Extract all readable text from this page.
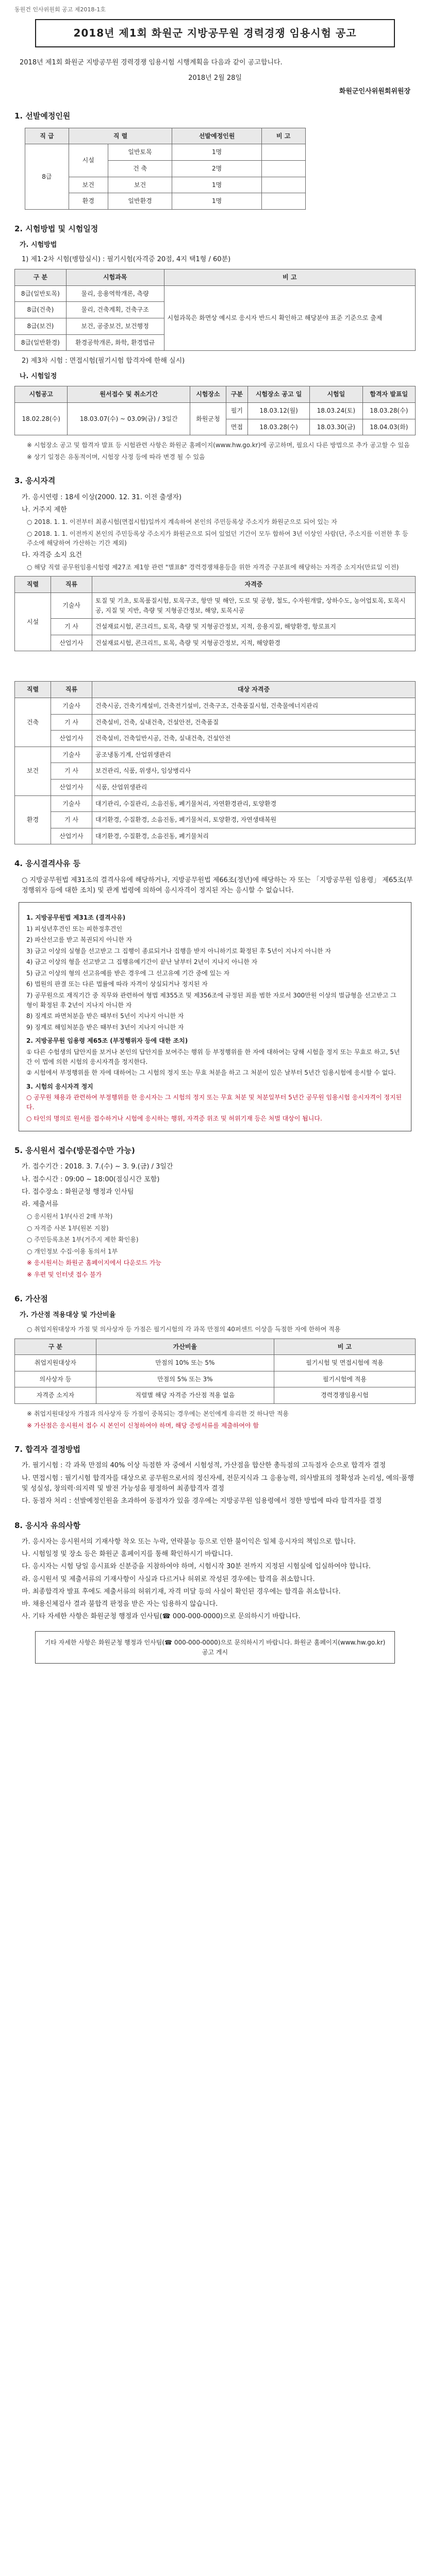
동원건 인사위원회 공고 제2018-1호
2018년 제1회 화원군 지방공무원 경력경쟁 임용시험 공고

2018년 제1회 화원군 지방공무원 경력경쟁 임용시험 시행계획을 다음과 같이 공고합니다.

2018년 2월 28일

화원군인사위원회위원장

1. 선발예정인원
직 급	직 렬		선발예정인원	비 고
8급	시설	일반토목	1명	
		건 축	2명	
	보건	보건	1명	
	환경	일반환경	1명	
2. 시험방법 및 시험일정
가. 시험방법

1) 제1·2차 시험(병합실시) : 필기시험(자격증 20점, 4지 택1형 / 60분)

구 분	시험과목	비 고
8급(일반토목)	물리, 응용역학개론, 측량	시험과목은 화면상 예시로 응시자 반드시 확인하고 해당분야 표준 기준으로 출제
8급(건축)	물리, 건축계획, 건축구조	
8급(보건)	보건, 공중보건, 보건행정	
8급(일반환경)	환경공학개론, 화학, 환경법규	

2) 제3차 시험 : 면접시험(필기시험 합격자에 한해 실시)

나. 시험일정
시험공고	원서접수 및 취소기간	시험장소	구분	시험장소 공고 일	시험일	합격자 발표일
18.02.28(수)	18.03.07(수) ~ 03.09(금) / 3일간	화원군청	필기	18.03.12(월)	18.03.24(토)	18.03.28(수)
			면접	18.03.28(수)	18.03.30(금)	18.04.03(화)

※ 시험장소 공고 및 합격자 발표 등 시험관련 사항은 화원군 홈페이지(www.hw.go.kr)에 공고하며, 필요시 다른 방법으로 추가 공고할 수 있음

※ 상기 일정은 유동적이며, 시험장 사정 등에 따라 변경 될 수 있음

3. 응시자격

가. 응시연령 : 18세 이상(2000. 12. 31. 이전 출생자)

나. 거주지 제한

○ 2018. 1. 1. 이전부터 최종시험(면접시험)일까지 계속하여 본인의 주민등록상 주소지가 화원군으로 되어 있는 자

○ 2018. 1. 1. 이전까지 본인의 주민등록상 주소지가 화원군으로 되어 있었던 기간이 모두 합하여 3년 이상인 사람(단, 주소지를 이전한 후 등 주소에 해당하여 가산하는 기간 제외)

다. 자격증 소지 요건

○ 해당 직렬 공무원임용시험령 제27조 제1항 관련 "별표8" 경력경쟁채용등을 위한 자격증 구분표에 해당하는 자격증 소지자(만료일 이전)

직렬	직류	자격증
시설	기술사	토질 및 기초, 토목품질시험, 토목구조, 항만 및 해안, 도로 및 공항, 철도, 수자원개발, 상하수도, 농어업토목, 토목시공, 지질 및 지반, 측량 및 지형공간정보, 해양, 토목시공
	기 사	건설재료시험, 콘크리트, 토목, 측량 및 지형공간정보, 지적, 응용지질, 해양환경, 항로표지
	산업기사	건설재료시험, 콘크리트, 토목, 측량 및 지형공간정보, 지적, 해양환경
직렬	직류	대상 자격증
건축	기술사	건축시공, 건축기계설비, 건축전기설비, 건축구조, 건축품질시험, 건축물에너지관리
	기 사	건축설비, 건축, 실내건축, 건설안전, 건축품질
	산업기사	건축설비, 건축일반시공, 건축, 실내건축, 건설안전
보건	기술사	공조냉동기계, 산업위생관리
	기 사	보건관리, 식품, 위생사, 임상병리사
	산업기사	식품, 산업위생관리
환경	기술사	대기관리, 수질관리, 소음진동, 폐기물처리, 자연환경관리, 토양환경
	기 사	대기환경, 수질환경, 소음진동, 폐기물처리, 토양환경, 자연생태복원
	산업기사	대기환경, 수질환경, 소음진동, 폐기물처리
4. 응시결격사유 등

○ 지방공무원법 제31조의 결격사유에 해당하거나, 지방공무원법 제66조(정년)에 해당하는 자 또는 「지방공무원 임용령」 제65조(부정행위자 등에 대한 조치) 및 관계 법령에 의하여 응시자격이 정지된 자는 응시할 수 없습니다.

1. 지방공무원법 제31조 (결격사유)

1) 피성년후견인 또는 피한정후견인

2) 파산선고를 받고 복권되지 아니한 자

3) 금고 이상의 실형을 선고받고 그 집행이 종료되거나 집행을 받지 아니하기로 확정된 후 5년이 지나지 아니한 자

4) 금고 이상의 형을 선고받고 그 집행유예기간이 끝난 날부터 2년이 지나지 아니한 자

5) 금고 이상의 형의 선고유예를 받은 경우에 그 선고유예 기간 중에 있는 자

6) 법원의 판결 또는 다른 법률에 따라 자격이 상실되거나 정지된 자

7) 공무원으로 재직기간 중 직무와 관련하여 형법 제355조 및 제356조에 규정된 죄를 범한 자로서 300만원 이상의 벌금형을 선고받고 그 형이 확정된 후 2년이 지나지 아니한 자

8) 징계로 파면처분을 받은 때부터 5년이 지나지 아니한 자

9) 징계로 해임처분을 받은 때부터 3년이 지나지 아니한 자

2. 지방공무원 임용령 제65조 (부정행위자 등에 대한 조치)

① 다른 수험생의 답안지를 보거나 본인의 답안지를 보여주는 행위 등 부정행위를 한 자에 대하여는 당해 시험을 정지 또는 무효로 하고, 5년간 이 법에 의한 시험의 응시자격을 정지한다.

② 시험에서 부정행위를 한 자에 대하여는 그 시험의 정지 또는 무효 처분을 하고 그 처분이 있은 날부터 5년간 임용시험에 응시할 수 없다.

3. 시험의 응시자격 정지

○ 공무원 채용과 관련하여 부정행위를 한 응시자는 그 시험의 정지 또는 무효 처분 및 처분일부터 5년간 공무원 임용시험 응시자격이 정지된다.

○ 타인의 명의로 원서를 접수하거나 시험에 응시하는 행위, 자격증 위조 및 허위기재 등은 처벌 대상이 됩니다.

5. 응시원서 접수(방문접수만 가능)

가. 접수기간 : 2018. 3. 7.(수) ~ 3. 9.(금) / 3일간

나. 접수시간 : 09:00 ~ 18:00(점심시간 포함)

다. 접수장소 : 화원군청 행정과 인사팀

라. 제출서류

○ 응시원서 1부(사진 2매 부착)

○ 자격증 사본 1부(원본 지참)

○ 주민등록초본 1부(거주지 제한 확인용)

○ 개인정보 수집·이용 동의서 1부

※ 응시원서는 화원군 홈페이지에서 다운로드 가능

※ 우편 및 인터넷 접수 불가

6. 가산점
가. 가산점 적용대상 및 가산비율

○ 취업지원대상자 가점 및 의사상자 등 가점은 필기시험의 각 과목 만점의 40퍼센트 이상을 득점한 자에 한하여 적용

구 분	가산비율	비 고
취업지원대상자	만점의 10% 또는 5%	필기시험 및 면접시험에 적용
의사상자 등	만점의 5% 또는 3%	필기시험에 적용
자격증 소지자	직렬별 해당 자격증 가산점 적용 없음	경력경쟁임용시험

※ 취업지원대상자 가점과 의사상자 등 가점이 중복되는 경우에는 본인에게 유리한 것 하나만 적용

※ 가산점은 응시원서 접수 시 본인이 신청하여야 하며, 해당 증빙서류를 제출하여야 함

7. 합격자 결정방법

가. 필기시험 : 각 과목 만점의 40% 이상 득점한 자 중에서 시험성적, 가산점을 합산한 총득점의 고득점자 순으로 합격자 결정

나. 면접시험 : 필기시험 합격자를 대상으로 공무원으로서의 정신자세, 전문지식과 그 응용능력, 의사발표의 정확성과 논리성, 예의·품행 및 성실성, 창의력·의지력 및 발전 가능성을 평정하여 최종합격자 결정

다. 동점자 처리 : 선발예정인원을 초과하여 동점자가 있을 경우에는 지방공무원 임용령에서 정한 방법에 따라 합격자를 결정

8. 응시자 유의사항

가. 응시자는 응시원서의 기재사항 착오 또는 누락, 연락불능 등으로 인한 불이익은 일체 응시자의 책임으로 합니다.

나. 시험일정 및 장소 등은 화원군 홈페이지를 통해 확인하시기 바랍니다.

다. 응시자는 시험 당일 응시표와 신분증을 지참하여야 하며, 시험시작 30분 전까지 지정된 시험실에 입실하여야 합니다.

라. 응시원서 및 제출서류의 기재사항이 사실과 다르거나 허위로 작성된 경우에는 합격을 취소합니다.

마. 최종합격자 발표 후에도 제출서류의 허위기재, 자격 미달 등의 사실이 확인된 경우에는 합격을 취소합니다.

바. 채용신체검사 결과 불합격 판정을 받은 자는 임용하지 않습니다.

사. 기타 자세한 사항은 화원군청 행정과 인사팀(☎ 000-000-0000)으로 문의하시기 바랍니다.

기타 자세한 사항은 화원군청 행정과 인사팀(☎ 000-000-0000)으로 문의하시기 바랍니다. 화원군 홈페이지(www.hw.go.kr) 공고 게시
